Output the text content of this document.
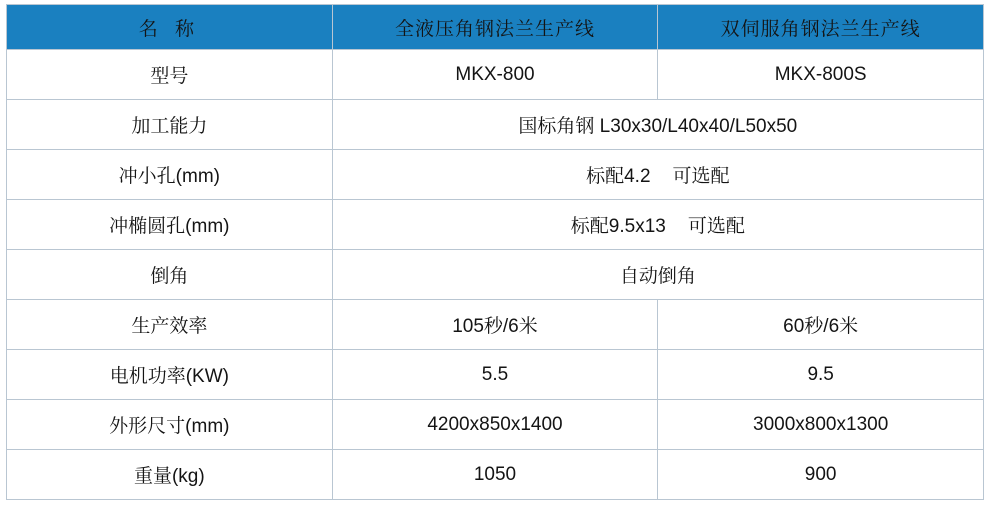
名 称	全液压角钢法兰生产线	双伺服角钢法兰生产线
型号	MKX-800	MKX-800S
加工能力	国标角钢 L30x30/L40x40/L50x50	
冲小孔(mm)	标配4.2 可选配	
冲椭圆孔(mm)	标配9.5x13 可选配	
倒角	自动倒角	
生产效率	105秒/6米	60秒/6米
电机功率(KW)	5.5	9.5
外形尺寸(mm)	4200x850x1400	3000x800x1300
重量(kg)	1050	900
